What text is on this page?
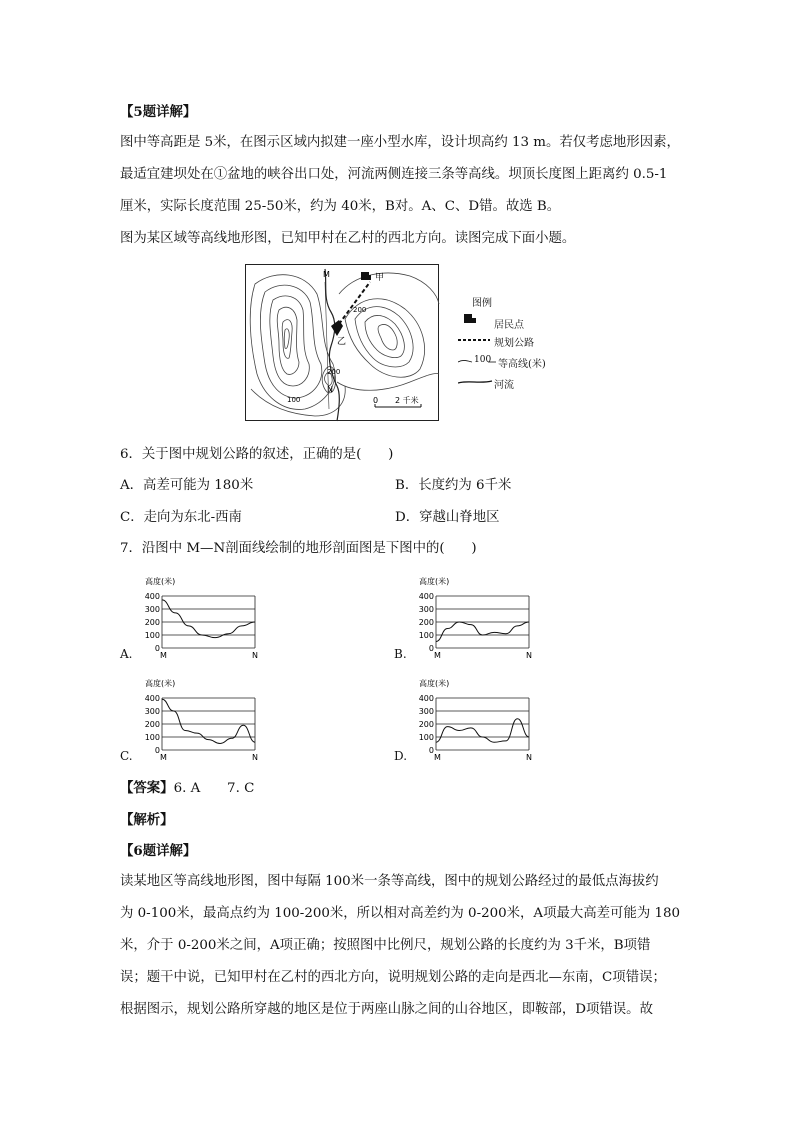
【5题详解】
图中等高距是 5米，在图示区域内拟建一座小型水库，设计坝高约 13 m。若仅考虑地形因素，
最适宜建坝处在①盆地的峡谷出口处，河流两侧连接三条等高线。坝顶长度图上距离约 0.5-1
厘米，实际长度范围 25-50米，约为 40米，B对。A、C、D错。故选 B。
图为某区域等高线地形图，已知甲村在乙村的西北方向。读图完成下面小题。
M
N
甲
乙
200
200
100	0 2 千米
图例
居民点
规划公路
100 等高线(米)
河流
6．关于图中规划公路的叙述，正确的是(　　)
A．高差可能为 180米	B．长度约为 6千米
C．走向为东北-西南	D．穿越山脊地区
7．沿图中 M—N剖面线绘制的地形剖面图是下图中的(　　)
高度(米)
400
300
200
100
0
M	N
高度(米)
400
300
200
100
0
M	N
高度(米)
400
300
200
100
0
M	N
高度(米)
400
300
200
100
0
M	N
A.	B.
C.	D.
【答案】6. A　　7. C
【解析】
【6题详解】
读某地区等高线地形图，图中每隔 100米一条等高线，图中的规划公路经过的最低点海拔约
为 0-100米，最高点约为 100-200米，所以相对高差约为 0-200米，A项最大高差可能为 180
米，介于 0-200米之间，A项正确；按照图中比例尺，规划公路的长度约为 3千米，B项错
误；题干中说，已知甲村在乙村的西北方向，说明规划公路的走向是西北—东南，C项错误；
根据图示，规划公路所穿越的地区是位于两座山脉之间的山谷地区，即鞍部，D项错误。故
